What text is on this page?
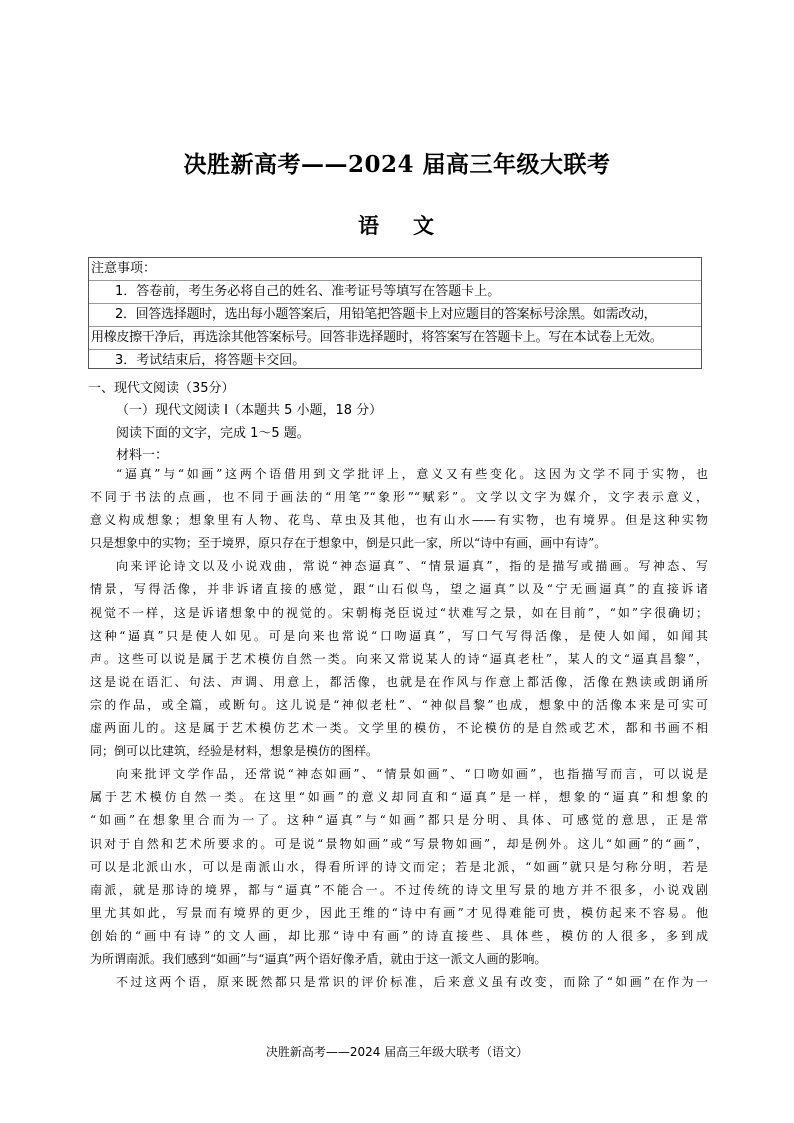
决胜新高考——2024 届高三年级大联考
语 文
注意事项：
1．答卷前，考生务必将自己的姓名、准考证号等填写在答题卡上。
2．回答选择题时，选出每小题答案后，用铅笔把答题卡上对应题目的答案标号涂黑。如需改动，
用橡皮擦干净后，再选涂其他答案标号。回答非选择题时，将答案写在答题卡上。写在本试卷上无效。
3．考试结束后，将答题卡交回。
一、现代文阅读（35分）
（一）现代文阅读 I（本题共 5 小题，18 分）
阅读下面的文字，完成 1～5 题。
材料一：
“逼真”与“如画”这两个语借用到文学批评上，意义又有些变化。这因为文学不同于实物，也
不同于书法的点画，也不同于画法的“用笔”“象形”“赋彩”。文学以文字为媒介，文字表示意义，
意义构成想象；想象里有人物、花鸟、草虫及其他，也有山水——有实物，也有境界。但是这种实物
只是想象中的实物；至于境界，原只存在于想象中，倒是只此一家，所以“诗中有画，画中有诗”。
向来评论诗文以及小说戏曲，常说“神态逼真”、“情景逼真”，指的是描写或描画。写神态、写
情景，写得活像，并非诉诸直接的感觉，跟“山石似鸟，望之逼真”以及“宁无画逼真”的直接诉诸
视觉不一样，这是诉诸想象中的视觉的。宋朝梅尧臣说过“状难写之景，如在目前”，“如”字很确切；
这种“逼真”只是使人如见。可是向来也常说“口吻逼真”，写口气写得活像，是使人如闻，如闻其
声。这些可以说是属于艺术模仿自然一类。向来又常说某人的诗“逼真老杜”，某人的文“逼真昌黎”，
这是说在语汇、句法、声调、用意上，都活像，也就是在作风与作意上都活像，活像在熟读或朗诵所
宗的作品，或全篇，或断句。这儿说是“神似老杜”、“神似昌黎”也成，想象中的活像本来是可实可
虚两面儿的。这是属于艺术模仿艺术一类。文学里的模仿，不论模仿的是自然或艺术，都和书画不相
同；倒可以比建筑，经验是材料，想象是模仿的图样。
向来批评文学作品，还常说“神态如画”、“情景如画”、“口吻如画”，也指描写而言，可以说是
属于艺术模仿自然一类。在这里“如画”的意义却同直和“逼真”是一样，想象的“逼真”和想象的
“如画”在想象里合而为一了。这种“逼真”与“如画”都只是分明、具体、可感觉的意思，正是常
识对于自然和艺术所要求的。可是说“景物如画”或“写景物如画”，却是例外。这儿“如画”的“画”，
可以是北派山水，可以是南派山水，得看所评的诗文而定；若是北派，“如画”就只是匀称分明，若是
南派，就是那诗的境界，都与“逼真”不能合一。不过传统的诗文里写景的地方并不很多，小说戏剧
里尤其如此，写景而有境界的更少，因此王维的“诗中有画”才见得难能可贵，模仿起来不容易。他
创始的“画中有诗”的文人画，却比那“诗中有画”的诗直接些、具体些，模仿的人很多，多到成
为所谓南派。我们感到“如画”与“逼真”两个语好像矛盾，就由于这一派文人画的影响。
不过这两个语，原来既然都只是常识的评价标准，后来意义虽有改变，而除了“如画”在作为一
决胜新高考——2024 届高三年级大联考（语文）
